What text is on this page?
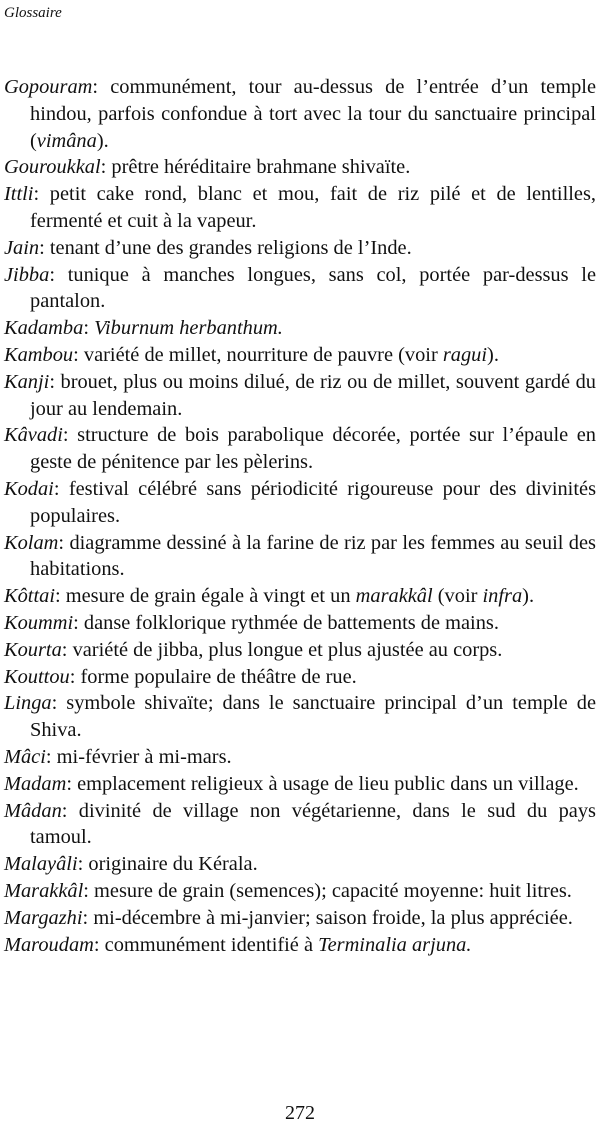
Glossaire

Gopouram: communément, tour au-dessus de l’entrée d’un temple hindou, parfois confondue à tort avec la tour du sanctuaire principal (vimâna).

Gouroukkal: prêtre héréditaire brahmane shivaïte.

Ittli: petit cake rond, blanc et mou, fait de riz pilé et de lentilles, fermenté et cuit à la vapeur.

Jain: tenant d’une des grandes religions de l’Inde.

Jibba: tunique à manches longues, sans col, portée par-dessus le pantalon.

Kadamba: Viburnum herbanthum.

Kambou: variété de millet, nourriture de pauvre (voir ragui).

Kanji: brouet, plus ou moins dilué, de riz ou de millet, souvent gardé du jour au lendemain.

Kâvadi: structure de bois parabolique décorée, portée sur l’épaule en geste de pénitence par les pèlerins.

Kodai: festival célébré sans périodicité rigoureuse pour des divinités populaires.

Kolam: diagramme dessiné à la farine de riz par les femmes au seuil des habitations.

Kôttai: mesure de grain égale à vingt et un marakkâl (voir infra).

Koummi: danse folklorique rythmée de battements de mains.

Kourta: variété de jibba, plus longue et plus ajustée au corps.

Kouttou: forme populaire de théâtre de rue.

Linga: symbole shivaïte; dans le sanctuaire principal d’un temple de Shiva.

Mâci: mi-février à mi-mars.

Madam: emplacement religieux à usage de lieu public dans un village.

Mâdan: divinité de village non végétarienne, dans le sud du pays tamoul.

Malayâli: originaire du Kérala.

Marakkâl: mesure de grain (semences); capacité moyenne: huit litres.

Margazhi: mi-décembre à mi-janvier; saison froide, la plus appréciée.

Maroudam: communément identifié à Terminalia arjuna.

272
